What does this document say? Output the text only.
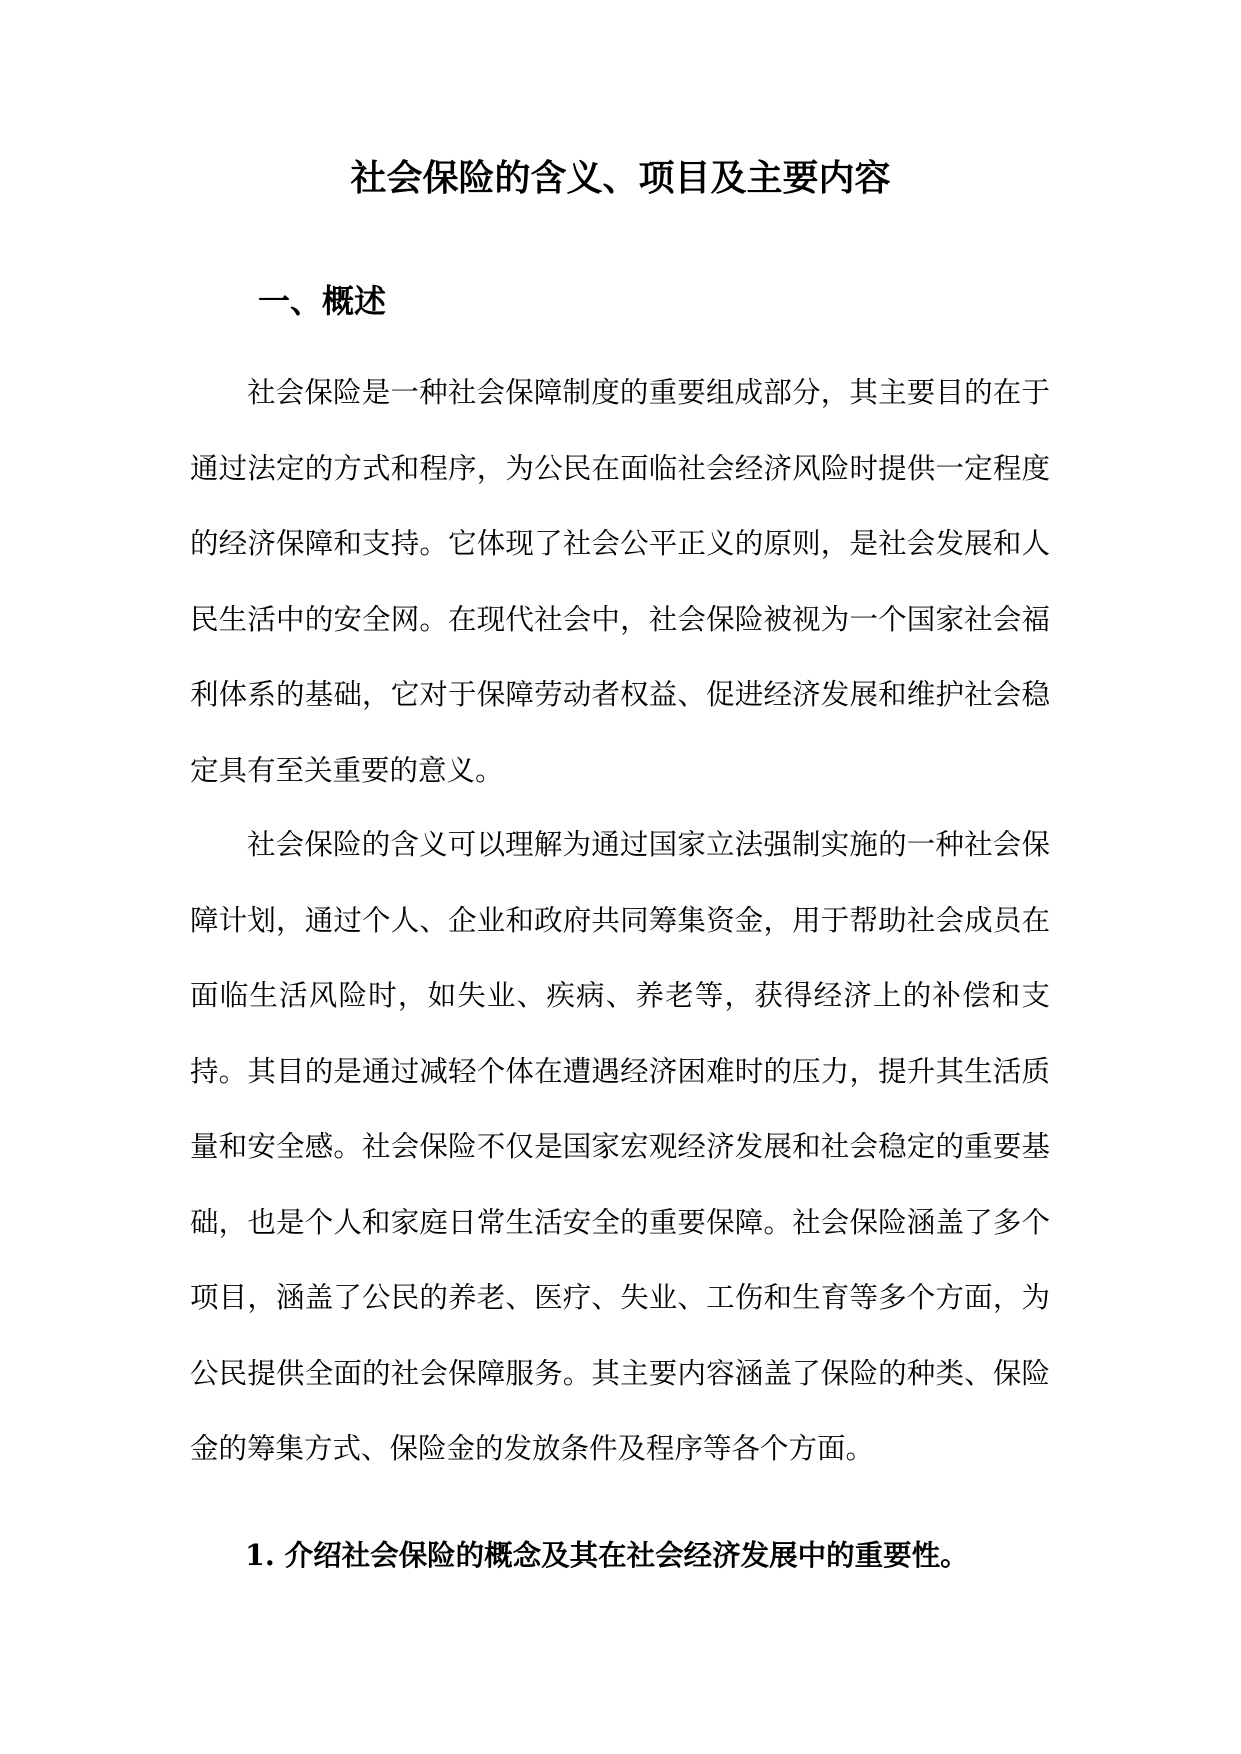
社会保险的含义、项目及主要内容
一、概述

社会保险是一种社会保障制度的重要组成部分，其主要目的在于通过法定的方式和程序，为公民在面临社会经济风险时提供一定程度的经济保障和支持。它体现了社会公平正义的原则，是社会发展和人民生活中的安全网。在现代社会中，社会保险被视为一个国家社会福利体系的基础，它对于保障劳动者权益、促进经济发展和维护社会稳定具有至关重要的意义。

社会保险的含义可以理解为通过国家立法强制实施的一种社会保障计划，通过个人、企业和政府共同筹集资金，用于帮助社会成员在面临生活风险时，如失业、疾病、养老等，获得经济上的补偿和支持。其目的是通过减轻个体在遭遇经济困难时的压力，提升其生活质量和安全感。社会保险不仅是国家宏观经济发展和社会稳定的重要基础，也是个人和家庭日常生活安全的重要保障。社会保险涵盖了多个项目，涵盖了公民的养老、医疗、失业、工伤和生育等多个方面，为公民提供全面的社会保障服务。其主要内容涵盖了保险的种类、保险金的筹集方式、保险金的发放条件及程序等各个方面。

1. 介绍社会保险的概念及其在社会经济发展中的重要性。
